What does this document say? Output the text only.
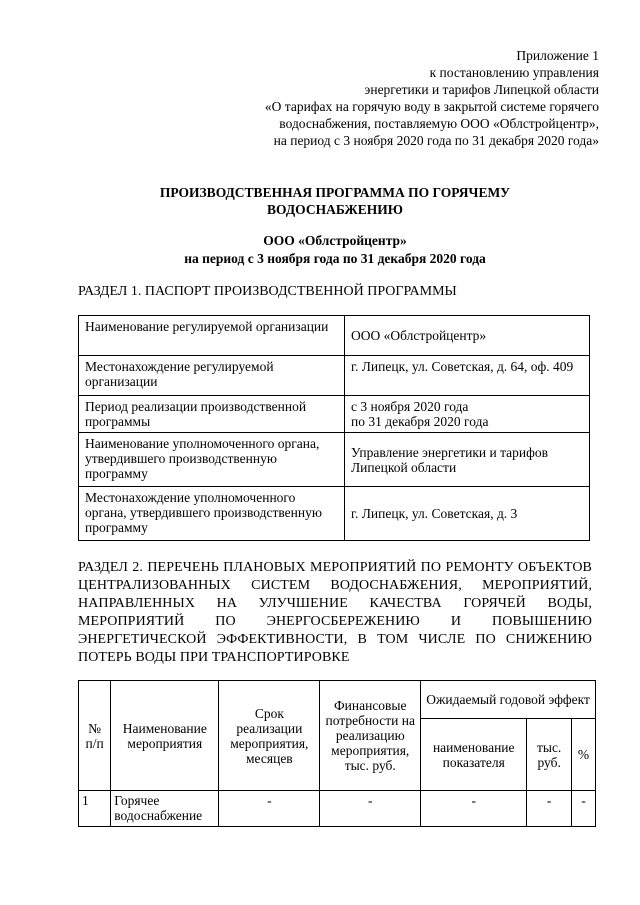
Приложение 1
к постановлению управления
энергетики и тарифов Липецкой области
«О тарифах на горячую воду в закрытой системе горячего
водоснабжения, поставляемую ООО «Облстройцентр»,
на период с 3 ноября 2020 года по 31 декабря 2020 года»
ПРОИЗВОДСТВЕННАЯ ПРОГРАММА ПО ГОРЯЧЕМУ
ВОДОСНАБЖЕНИЮ
ООО «Облстройцентр»
на период с 3 ноября года по 31 декабря 2020 года
РАЗДЕЛ 1. ПАСПОРТ ПРОИЗВОДСТВЕННОЙ ПРОГРАММЫ
Наименование регулируемой организации	ООО «Облстройцентр»
Местонахождение регулируемой организации	г. Липецк, ул. Советская, д. 64, оф. 409
Период реализации производственной программы	с 3 ноября 2020 года
по 31 декабря 2020 года

Наименование уполномоченного органа, утвердившего производственную программу	Управление энергетики и тарифов Липецкой области
Местонахождение уполномоченного органа, утвердившего производственную программу	г. Липецк, ул. Советская, д. 3
РАЗДЕЛ 2. ПЕРЕЧЕНЬ ПЛАНОВЫХ МЕРОПРИЯТИЙ ПО РЕМОНТУ ОБЪЕКТОВ ЦЕНТРАЛИЗОВАННЫХ СИСТЕМ ВОДОСНАБЖЕНИЯ, МЕРОПРИЯТИЙ, НАПРАВЛЕННЫХ НА УЛУЧШЕНИЕ КАЧЕСТВА ГОРЯЧЕЙ ВОДЫ, МЕРОПРИЯТИЙ ПО ЭНЕРГОСБЕРЕЖЕНИЮ И ПОВЫШЕНИЮ ЭНЕРГЕТИЧЕСКОЙ ЭФФЕКТИВНОСТИ, В ТОМ ЧИСЛЕ ПО СНИЖЕНИЮ ПОТЕРЬ ВОДЫ ПРИ ТРАНСПОРТИРОВКЕ
№ п/п	Наименование мероприятия	Срок реализации мероприятия, месяцев	Финансовые потребности на реализацию мероприятия, тыс. руб.	Ожидаемый годовой эффект		
				наименование показателя	тыс. руб.	%
1	Горячее водоснабжение	-	-	-	-	-
